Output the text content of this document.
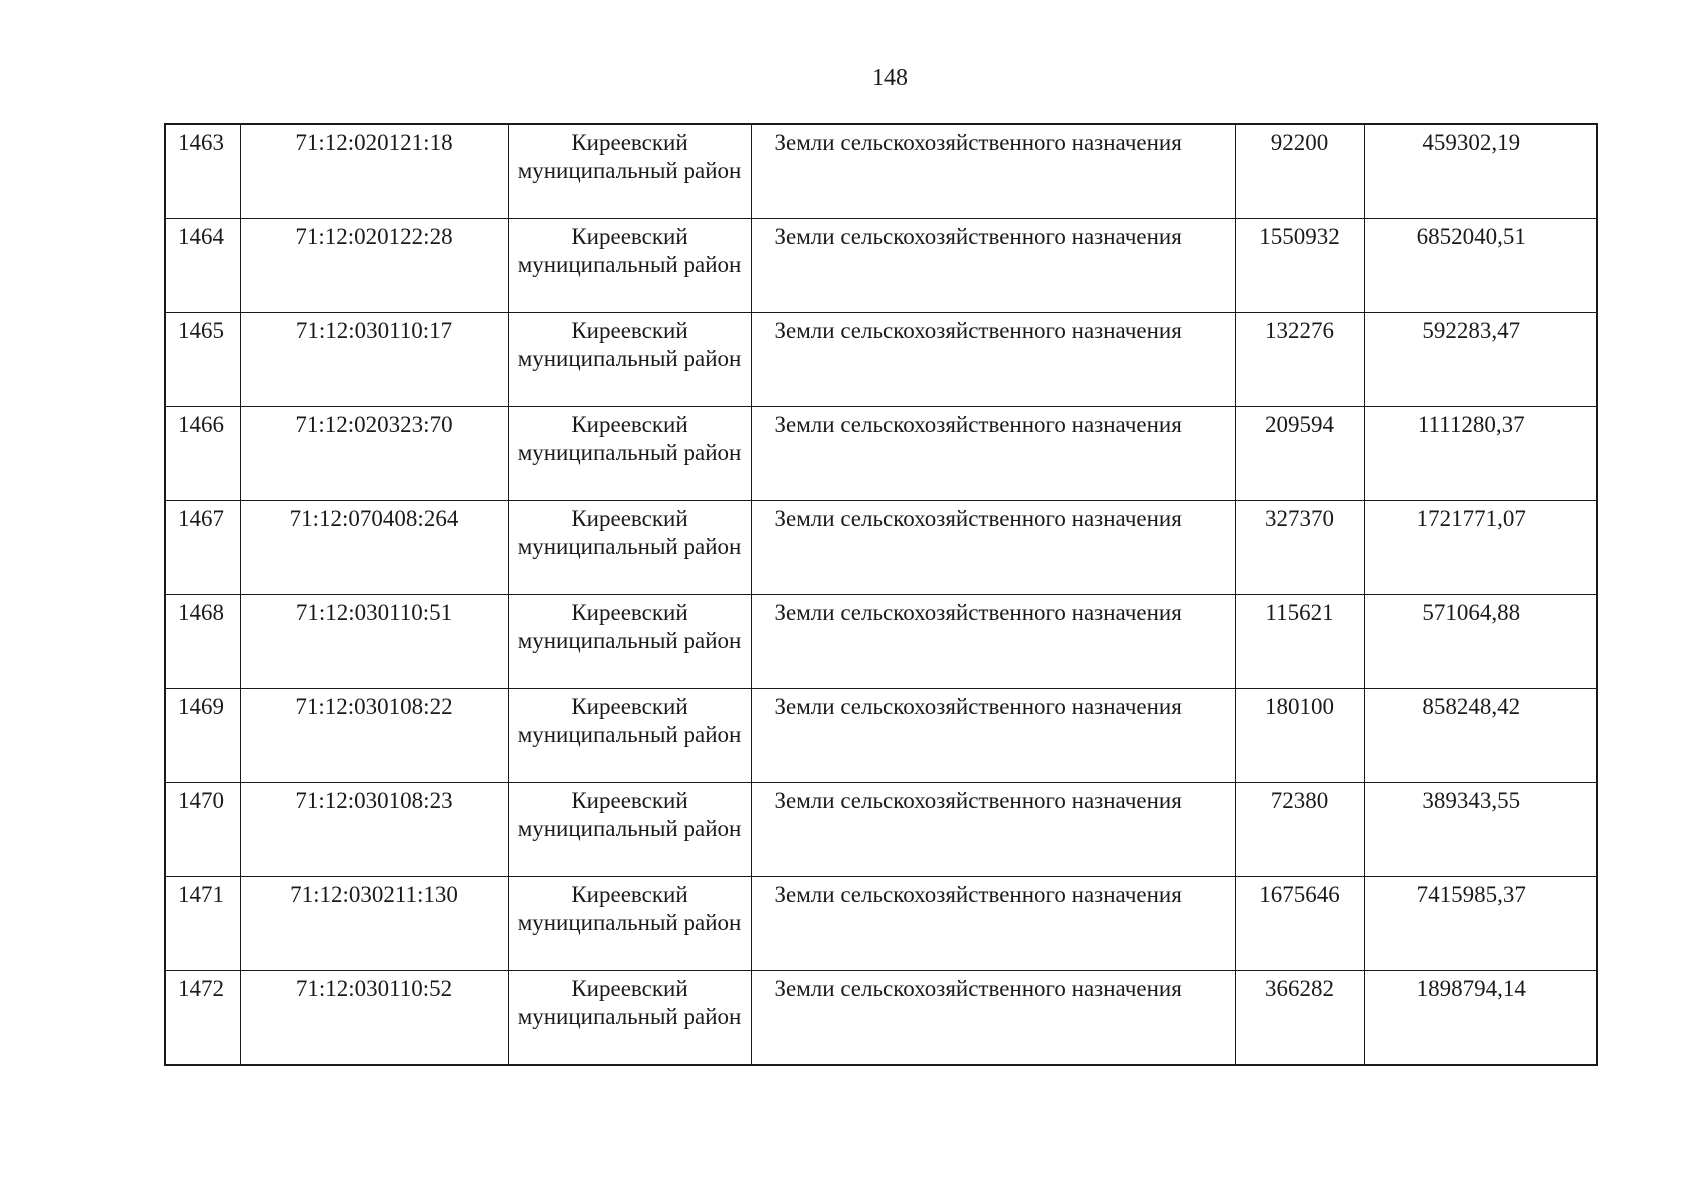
148
1463	71:12:020121:18	Киреевский муниципальный район	Земли сельскохозяйственного назначения	92200	459302,19

1464	71:12:020122:28	Киреевский муниципальный район	Земли сельскохозяйственного назначения	1550932	6852040,51

1465	71:12:030110:17	Киреевский муниципальный район	Земли сельскохозяйственного назначения	132276	592283,47

1466	71:12:020323:70	Киреевский муниципальный район	Земли сельскохозяйственного назначения	209594	1111280,37

1467	71:12:070408:264	Киреевский муниципальный район	Земли сельскохозяйственного назначения	327370	1721771,07

1468	71:12:030110:51	Киреевский муниципальный район	Земли сельскохозяйственного назначения	115621	571064,88

1469	71:12:030108:22	Киреевский муниципальный район	Земли сельскохозяйственного назначения	180100	858248,42

1470	71:12:030108:23	Киреевский муниципальный район	Земли сельскохозяйственного назначения	72380	389343,55

1471	71:12:030211:130	Киреевский муниципальный район	Земли сельскохозяйственного назначения	1675646	7415985,37

1472	71:12:030110:52	Киреевский муниципальный район	Земли сельскохозяйственного назначения	366282	1898794,14
